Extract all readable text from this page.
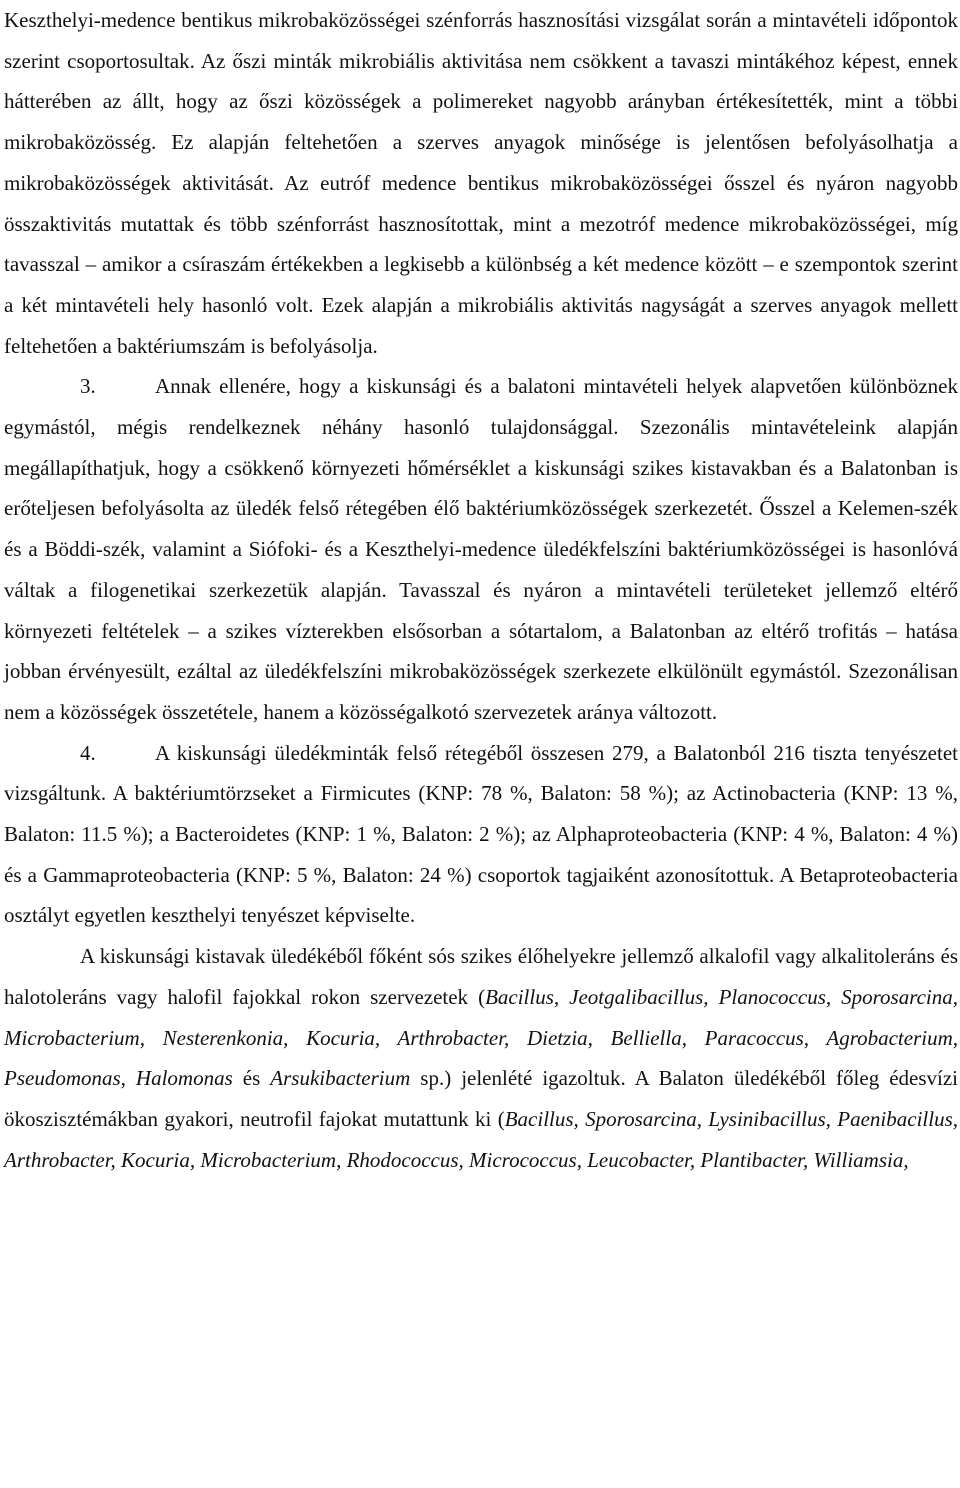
Keszthelyi-medence bentikus mikrobaközösségei szénforrás hasznosítási vizsgálat során a mintavételi időpontok szerint csoportosultak. Az őszi minták mikrobiális aktivitása nem csökkent a tavaszi mintákéhoz képest, ennek hátterében az állt, hogy az őszi közösségek a polimereket nagyobb arányban értékesítették, mint a többi mikrobaközösség. Ez alapján feltehetően a szerves anyagok minősége is jelentősen befolyásolhatja a mikrobaközösségek aktivitását. Az eutróf medence bentikus mikrobaközösségei ősszel és nyáron nagyobb összaktivitás mutattak és több szénforrást hasznosítottak, mint a mezotróf medence mikrobaközösségei, míg tavasszal – amikor a csíraszám értékekben a legkisebb a különbség a két medence között – e szempontok szerint a két mintavételi hely hasonló volt. Ezek alapján a mikrobiális aktivitás nagyságát a szerves anyagok mellett feltehetően a baktériumszám is befolyásolja.

3.	Annak ellenére, hogy a kiskunsági és a balatoni mintavételi helyek alapvetően különböznek egymástól, mégis rendelkeznek néhány hasonló tulajdonsággal. Szezonális mintavételeink alapján megállapíthatjuk, hogy a csökkenő környezeti hőmérséklet a kiskunsági szikes kistavakban és a Balatonban is erőteljesen befolyásolta az üledék felső rétegében élő baktériumközösségek szerkezetét. Ősszel a Kelemen-szék és a Böddi-szék, valamint a Siófoki- és a Keszthelyi-medence üledékfelszíni baktériumközösségei is hasonlóvá váltak a filogenetikai szerkezetük alapján. Tavasszal és nyáron a mintavételi területeket jellemző eltérő környezeti feltételek – a szikes vízterekben elsősorban a sótartalom, a Balatonban az eltérő trofitás – hatása jobban érvényesült, ezáltal az üledékfelszíni mikrobaközösségek szerkezete elkülönült egymástól. Szezonálisan nem a közösségek összetétele, hanem a közösségalkotó szervezetek aránya változott.

4.	A kiskunsági üledékminták felső rétegéből összesen 279, a Balatonból 216 tiszta tenyészetet vizsgáltunk. A baktériumtörzseket a Firmicutes (KNP: 78 %, Balaton: 58 %); az Actinobacteria (KNP: 13 %, Balaton: 11.5 %); a Bacteroidetes (KNP: 1 %, Balaton: 2 %); az Alphaproteobacteria (KNP: 4 %, Balaton: 4 %) és a Gammaproteobacteria (KNP: 5 %, Balaton: 24 %) csoportok tagjaiként azonosítottuk. A Betaproteobacteria osztályt egyetlen keszthelyi tenyészet képviselte.

A kiskunsági kistavak üledékéből főként sós szikes élőhelyekre jellemző alkalofil vagy alkalitoleráns és halotoleráns vagy halofil fajokkal rokon szervezetek (Bacillus, Jeotgalibacillus, Planococcus, Sporosarcina, Microbacterium, Nesterenkonia, Kocuria, Arthrobacter, Dietzia, Belliella, Paracoccus, Agrobacterium, Pseudomonas, Halomonas és Arsukibacterium sp.) jelenlété igazoltuk. A Balaton üledékéből főleg édesvízi ökoszisztémákban gyakori, neutrofil fajokat mutattunk ki (Bacillus, Sporosarcina, Lysinibacillus, Paenibacillus, Arthrobacter, Kocuria, Microbacterium, Rhodococcus, Micrococcus, Leucobacter, Plantibacter, Williamsia,
